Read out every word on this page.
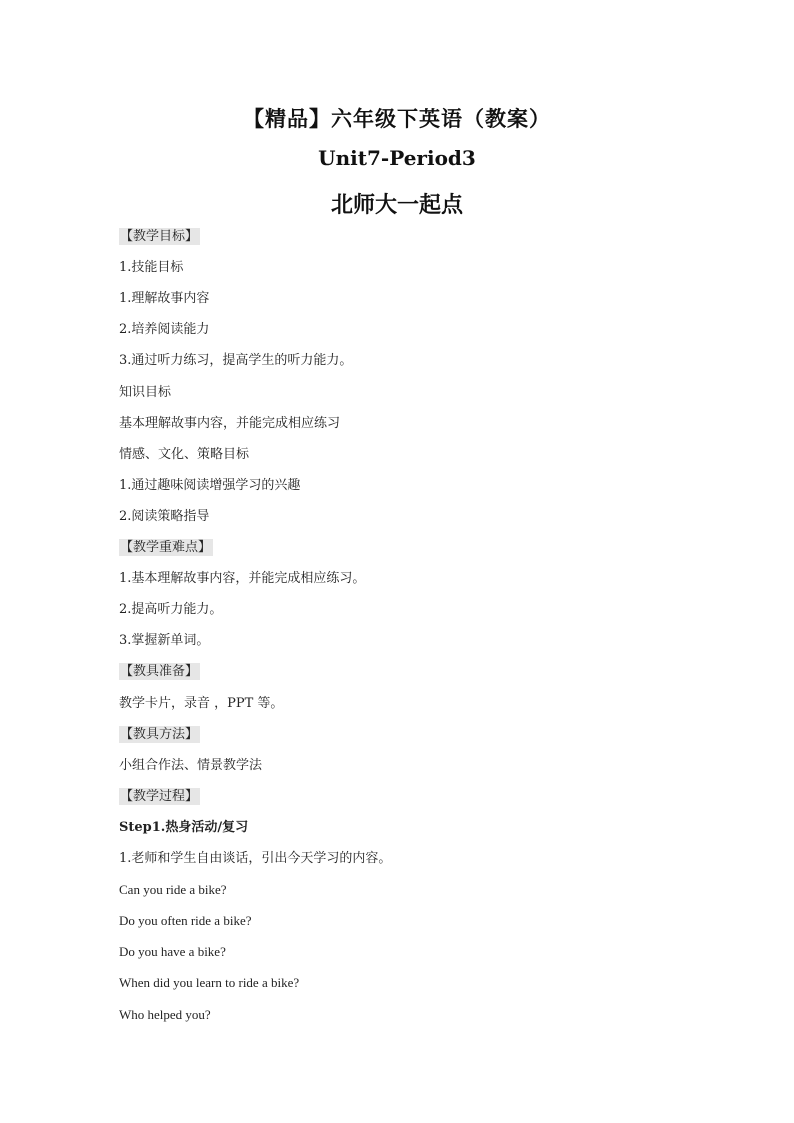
【精品】六年级下英语（教案）
Unit7-Period3
北师大一起点
【教学目标】
1.技能目标
1.理解故事内容
2.培养阅读能力
3.通过听力练习，提高学生的听力能力。
知识目标
基本理解故事内容，并能完成相应练习
情感、文化、策略目标
1.通过趣味阅读增强学习的兴趣
2.阅读策略指导
【教学重难点】
1.基本理解故事内容，并能完成相应练习。
2.提高听力能力。
3.掌握新单词。
【教具准备】
教学卡片，录音 ，PPT 等。
【教具方法】
小组合作法、情景教学法
【教学过程】
Step1.热身活动/复习
1.老师和学生自由谈话，引出今天学习的内容。
Can you ride a bike?
Do you often ride a bike?
Do you have a bike?
When did you learn to ride a bike?
Who helped you?
